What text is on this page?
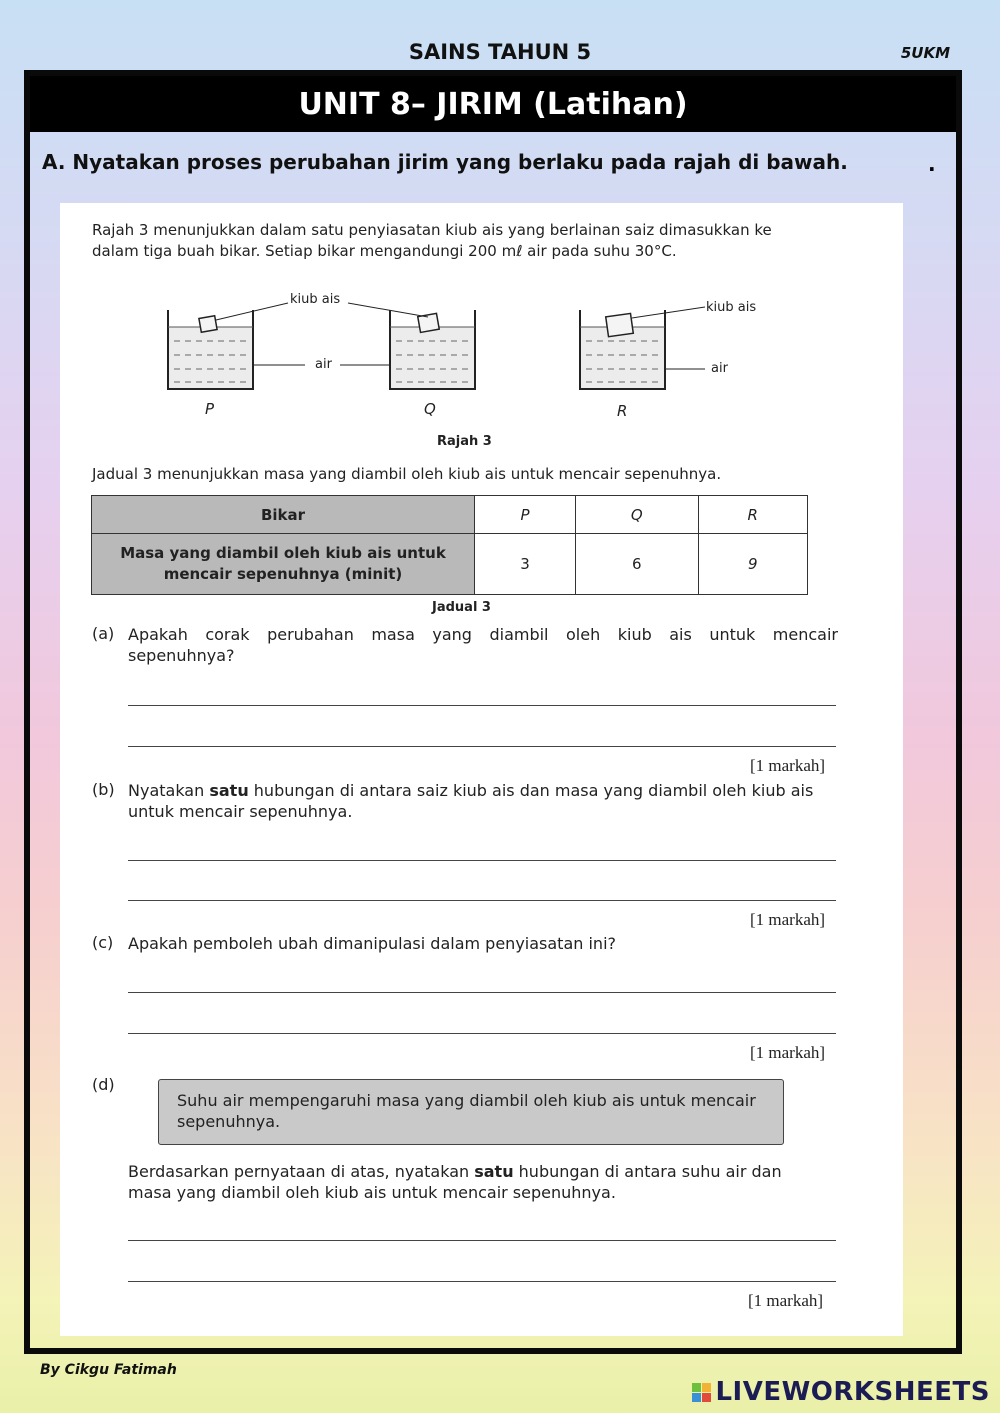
SAINS TAHUN 5	5UKM
UNIT 8– JIRIM (Latihan)
A. Nyatakan proses perubahan jirim yang berlaku pada rajah di bawah.	.
Rajah 3 menunjukkan dalam satu penyiasatan kiub ais yang berlainan saiz dimasukkan ke
dalam tiga buah bikar. Setiap bikar mengandungi 200 mℓ air pada suhu 30°C.
kiub ais
air
kiub ais
air
P	Q	R
Rajah 3
Jadual 3 menunjukkan masa yang diambil oleh kiub ais untuk mencair sepenuhnya.
Bikar	P	Q	R

Masa yang diambil oleh kiub ais untuk
mencair sepenuhnya (minit)	3	6	9
Jadual 3
(a) Apakah corak perubahan masa yang diambil oleh kiub ais untuk mencair
sepenuhnya?
[1 markah]
(b) Nyatakan satu hubungan di antara saiz kiub ais dan masa yang diambil oleh kiub ais
untuk mencair sepenuhnya.
[1 markah]
(c) Apakah pemboleh ubah dimanipulasi dalam penyiasatan ini?
[1 markah]
(d)
Suhu air mempengaruhi masa yang diambil oleh kiub ais untuk mencair
sepenuhnya.
Berdasarkan pernyataan di atas, nyatakan satu hubungan di antara suhu air dan
masa yang diambil oleh kiub ais untuk mencair sepenuhnya.
[1 markah]
By Cikgu Fatimah
LIVEWORKSHEETS
